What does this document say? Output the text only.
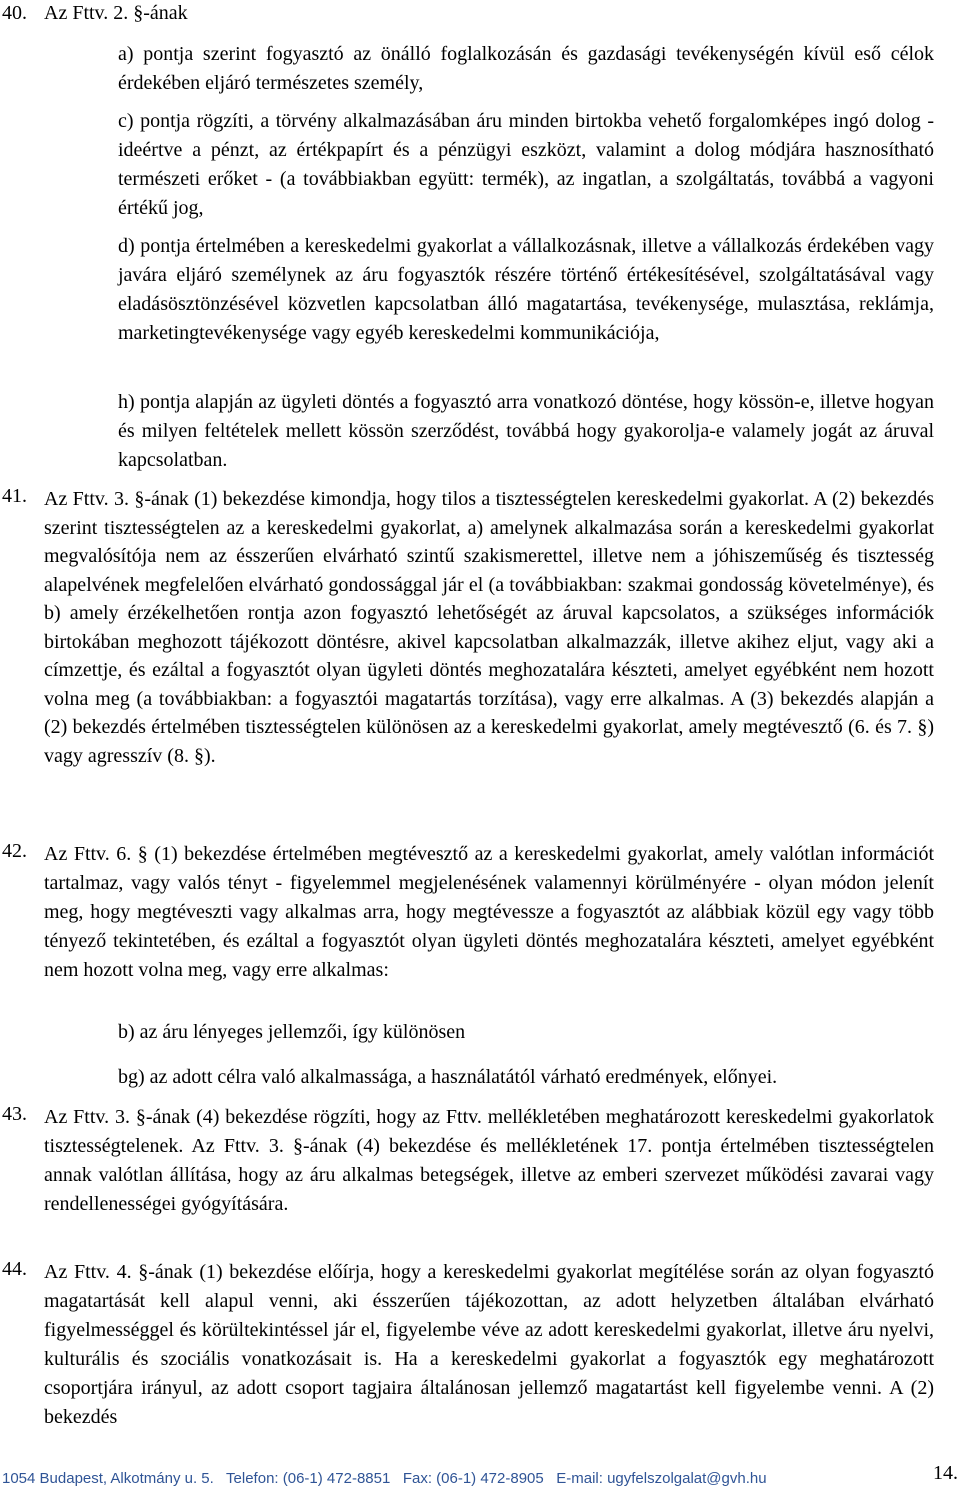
40. Az Fttv. 2. §-ának
a) pontja szerint fogyasztó az önálló foglalkozásán és gazdasági tevékenységén kívül eső célok érdekében eljáró természetes személy,
c) pontja rögzíti, a törvény alkalmazásában áru minden birtokba vehető forgalomképes ingó dolog - ideértve a pénzt, az értékpapírt és a pénzügyi eszközt, valamint a dolog módjára hasznosítható természeti erőket - (a továbbiakban együtt: termék), az ingatlan, a szolgáltatás, továbbá a vagyoni értékű jog,
d) pontja értelmében a kereskedelmi gyakorlat a vállalkozásnak, illetve a vállalkozás érdekében vagy javára eljáró személynek az áru fogyasztók részére történő értékesítésével, szolgáltatásával vagy eladásösztönzésével közvetlen kapcsolatban álló magatartása, tevékenysége, mulasztása, reklámja, marketingtevékenysége vagy egyéb kereskedelmi kommunikációja,
h) pontja alapján az ügyleti döntés a fogyasztó arra vonatkozó döntése, hogy kössön-e, illetve hogyan és milyen feltételek mellett kössön szerződést, továbbá hogy gyakorolja-e valamely jogát az áruval kapcsolatban.
41. Az Fttv. 3. §-ának (1) bekezdése kimondja, hogy tilos a tisztességtelen kereskedelmi gyakorlat. A (2) bekezdés szerint tisztességtelen az a kereskedelmi gyakorlat, a) amelynek alkalmazása során a kereskedelmi gyakorlat megvalósítója nem az ésszerűen elvárható szintű szakismerettel, illetve nem a jóhiszeműség és tisztesség alapelvének megfelelően elvárható gondossággal jár el (a továbbiakban: szakmai gondosság követelménye), és b) amely érzékelhetően rontja azon fogyasztó lehetőségét az áruval kapcsolatos, a szükséges információk birtokában meghozott tájékozott döntésre, akivel kapcsolatban alkalmazzák, illetve akihez eljut, vagy aki a címzettje, és ezáltal a fogyasztót olyan ügyleti döntés meghozatalára készteti, amelyet egyébként nem hozott volna meg (a továbbiakban: a fogyasztói magatartás torzítása), vagy erre alkalmas. A (3) bekezdés alapján a (2) bekezdés értelmében tisztességtelen különösen az a kereskedelmi gyakorlat, amely megtévesztő (6. és 7. §) vagy agresszív (8. §).
42. Az Fttv. 6. § (1) bekezdése értelmében megtévesztő az a kereskedelmi gyakorlat, amely valótlan információt tartalmaz, vagy valós tényt - figyelemmel megjelenésének valamennyi körülményére - olyan módon jelenít meg, hogy megtéveszti vagy alkalmas arra, hogy megtévessze a fogyasztót az alábbiak közül egy vagy több tényező tekintetében, és ezáltal a fogyasztót olyan ügyleti döntés meghozatalára készteti, amelyet egyébként nem hozott volna meg, vagy erre alkalmas:
b) az áru lényeges jellemzői, így különösen
bg) az adott célra való alkalmassága, a használatától várható eredmények, előnyei.
43. Az Fttv. 3. §-ának (4) bekezdése rögzíti, hogy az Fttv. mellékletében meghatározott kereskedelmi gyakorlatok tisztességtelenek. Az Fttv. 3. §-ának (4) bekezdése és mellékletének 17. pontja értelmében tisztességtelen annak valótlan állítása, hogy az áru alkalmas betegségek, illetve az emberi szervezet működési zavarai vagy rendellenességei gyógyítására.
44. Az Fttv. 4. §-ának (1) bekezdése előírja, hogy a kereskedelmi gyakorlat megítélése során az olyan fogyasztó magatartását kell alapul venni, aki ésszerűen tájékozottan, az adott helyzetben általában elvárható figyelmességgel és körültekintéssel jár el, figyelembe véve az adott kereskedelmi gyakorlat, illetve áru nyelvi, kulturális és szociális vonatkozásait is. Ha a kereskedelmi gyakorlat a fogyasztók egy meghatározott csoportjára irányul, az adott csoport tagjaira általánosan jellemző magatartást kell figyelembe venni. A (2) bekezdés
1054 Budapest, Alkotmány u. 5.   Telefon: (06-1) 472-8851   Fax: (06-1) 472-8905   E-mail: ugyfelszolgalat@gvh.hu	14.
